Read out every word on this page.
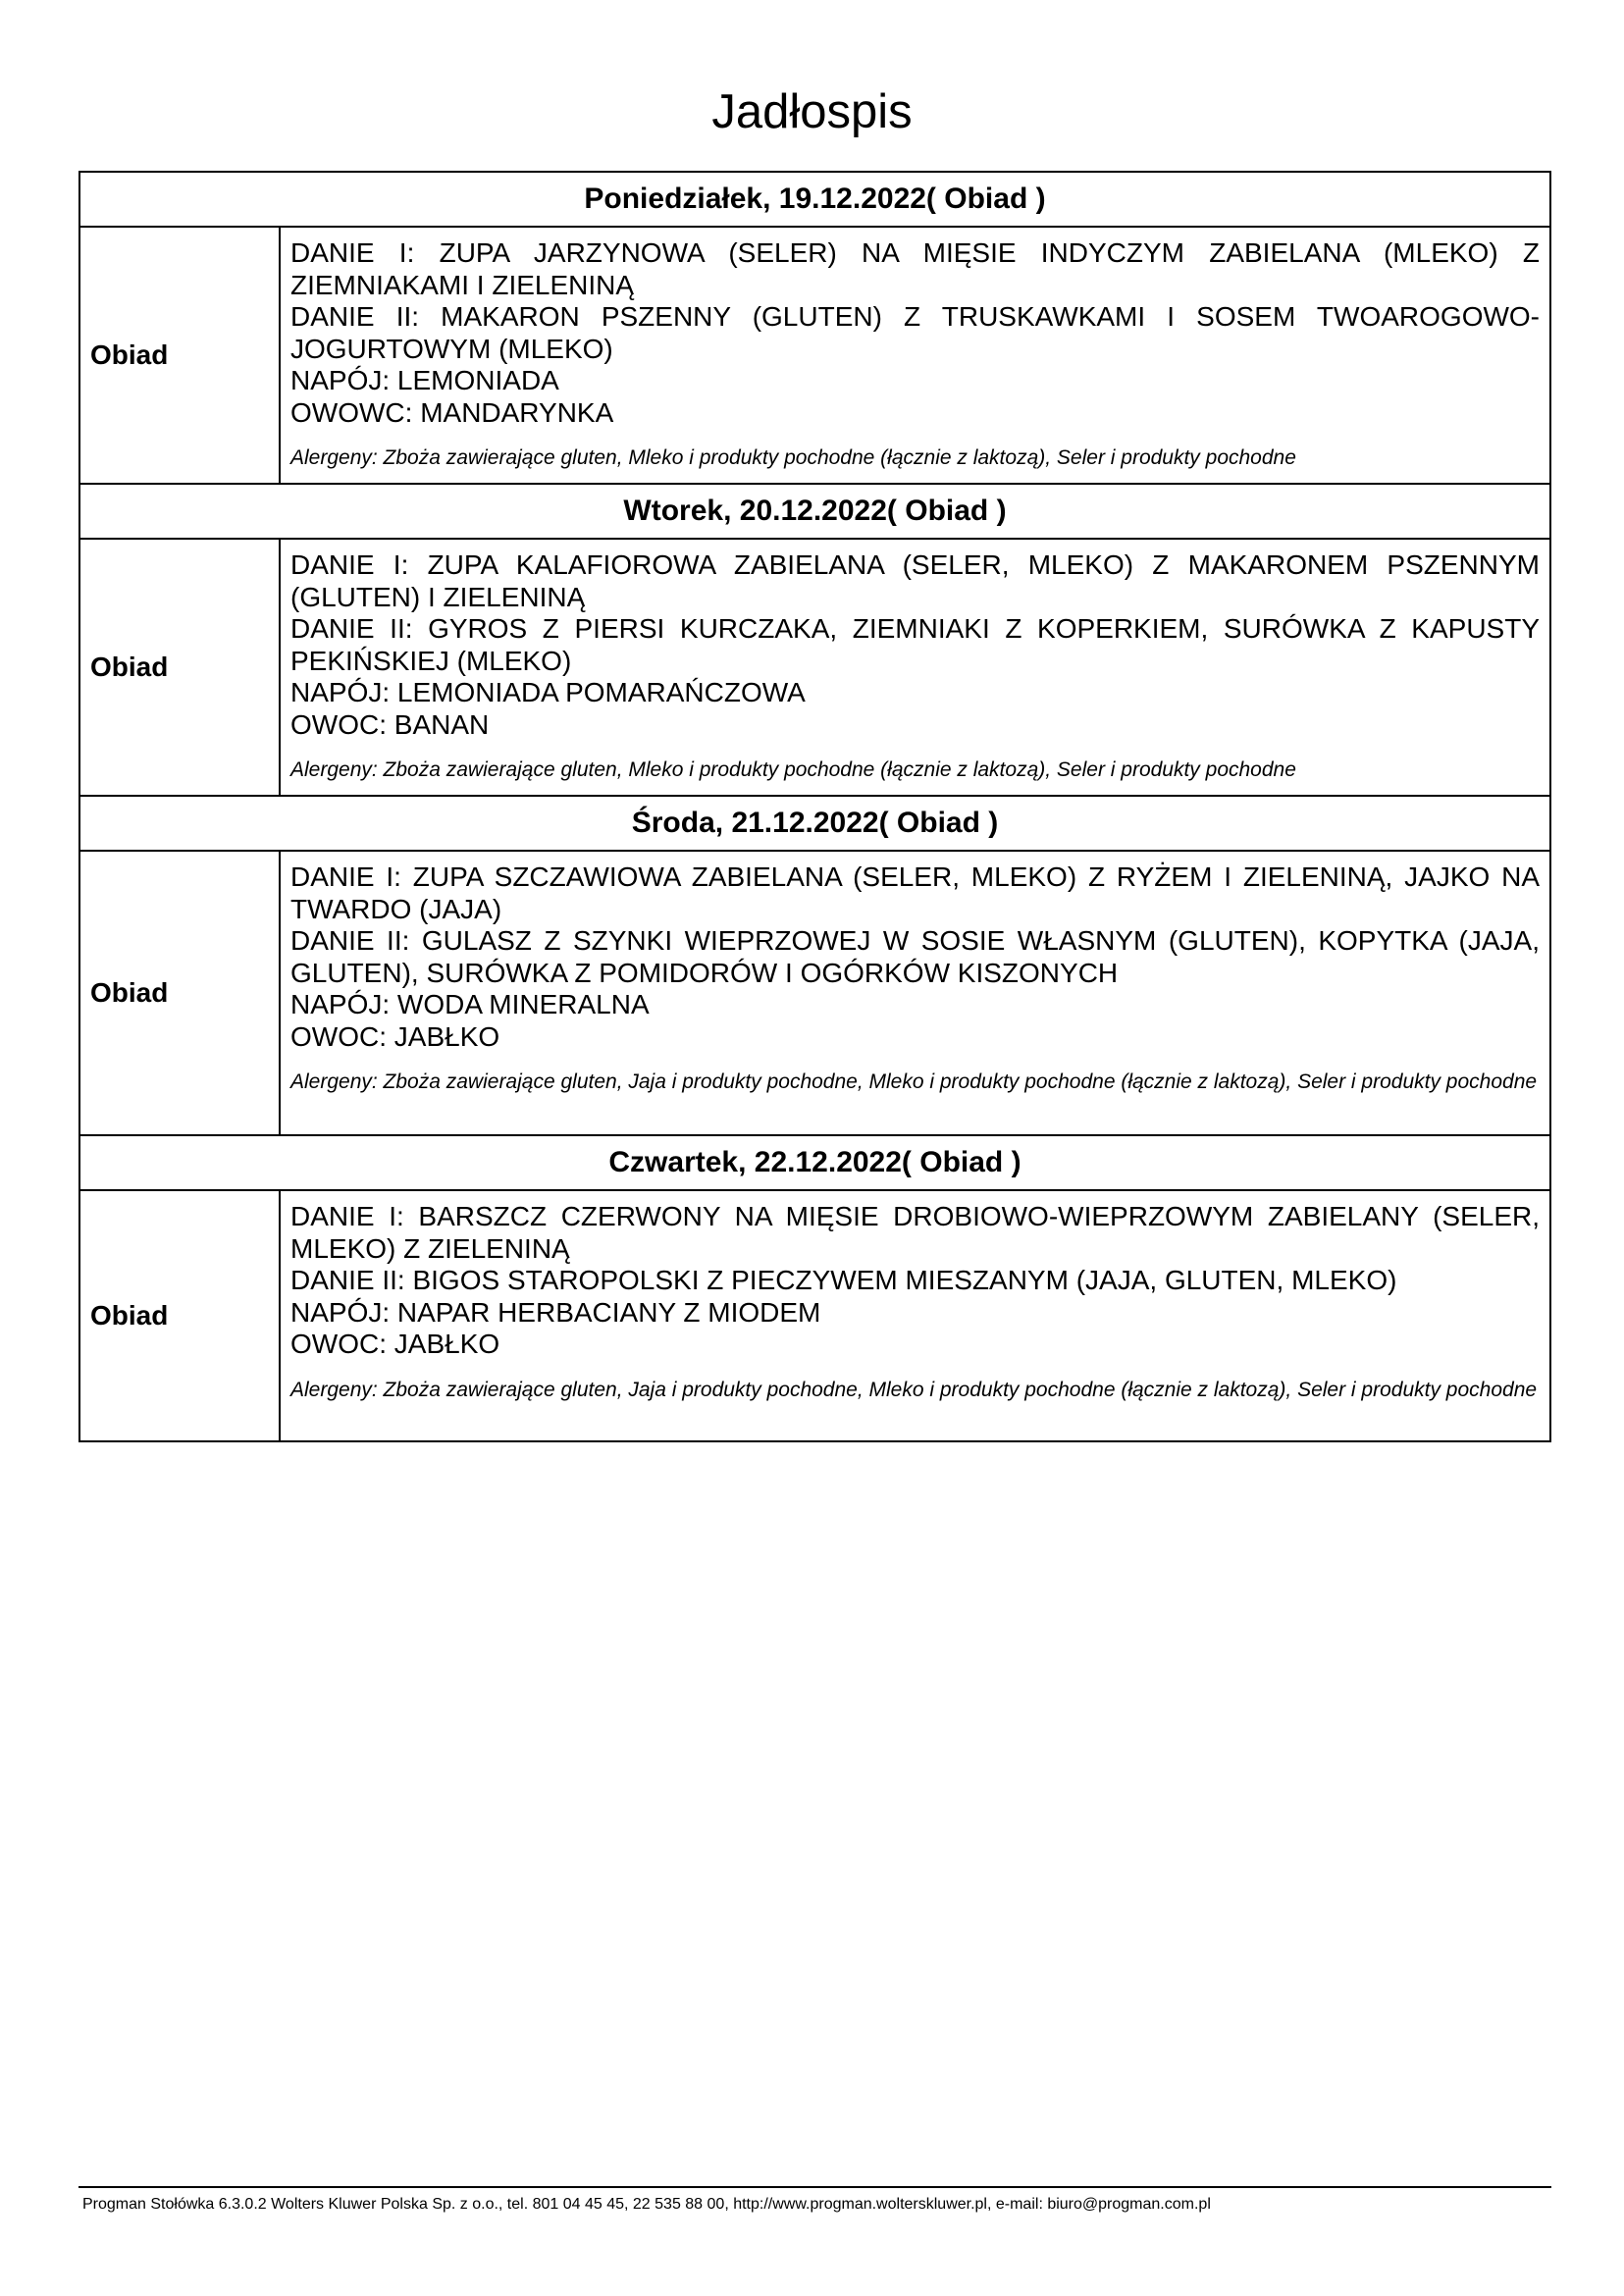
Jadłospis
Poniedziałek, 19.12.2022( Obiad )	
Obiad	DANIE I: ZUPA JARZYNOWA (SELER) NA MIĘSIE INDYCZYM ZABIELANA (MLEKO) Z ZIEMNIAKAMI I ZIELENINĄ
DANIE II: MAKARON PSZENNY (GLUTEN) Z TRUSKAWKAMI I SOSEM TWOAROGOWO-JOGURTOWYM (MLEKO)
NAPÓJ: LEMONIADA
OWOWC: MANDARYNKA
Alergeny: Zboża zawierające gluten, Mleko i produkty pochodne (łącznie z laktozą), Seler i produkty pochodne

Wtorek, 20.12.2022( Obiad )	
Obiad	DANIE I: ZUPA KALAFIOROWA ZABIELANA (SELER, MLEKO) Z MAKARONEM PSZENNYM (GLUTEN) I ZIELENINĄ
DANIE II: GYROS Z PIERSI KURCZAKA, ZIEMNIAKI Z KOPERKIEM, SURÓWKA Z KAPUSTY PEKIŃSKIEJ (MLEKO)
NAPÓJ: LEMONIADA POMARAŃCZOWA
OWOC: BANAN
Alergeny: Zboża zawierające gluten, Mleko i produkty pochodne (łącznie z laktozą), Seler i produkty pochodne

Środa, 21.12.2022( Obiad )	
Obiad	DANIE I: ZUPA SZCZAWIOWA ZABIELANA (SELER, MLEKO) Z RYŻEM I ZIELENINĄ, JAJKO NA TWARDO (JAJA)
DANIE II: GULASZ Z SZYNKI WIEPRZOWEJ W SOSIE WŁASNYM (GLUTEN), KOPYTKA (JAJA, GLUTEN), SURÓWKA Z POMIDORÓW I OGÓRKÓW KISZONYCH
NAPÓJ: WODA MINERALNA
OWOC: JABŁKO
Alergeny: Zboża zawierające gluten, Jaja i produkty pochodne, Mleko i produkty pochodne (łącznie z laktozą), Seler i produkty pochodne

Czwartek, 22.12.2022( Obiad )	
Obiad	DANIE I: BARSZCZ CZERWONY NA MIĘSIE DROBIOWO-WIEPRZOWYM ZABIELANY (SELER, MLEKO) Z ZIELENINĄ
DANIE II: BIGOS STAROPOLSKI Z PIECZYWEM MIESZANYM (JAJA, GLUTEN, MLEKO)
NAPÓJ: NAPAR HERBACIANY Z MIODEM
OWOC: JABŁKO
Alergeny: Zboża zawierające gluten, Jaja i produkty pochodne, Mleko i produkty pochodne (łącznie z laktozą), Seler i produkty pochodne
Progman Stołówka 6.3.0.2 Wolters Kluwer Polska Sp. z o.o., tel. 801 04 45 45, 22 535 88 00, http://www.progman.wolterskluwer.pl, e-mail: biuro@progman.com.pl
